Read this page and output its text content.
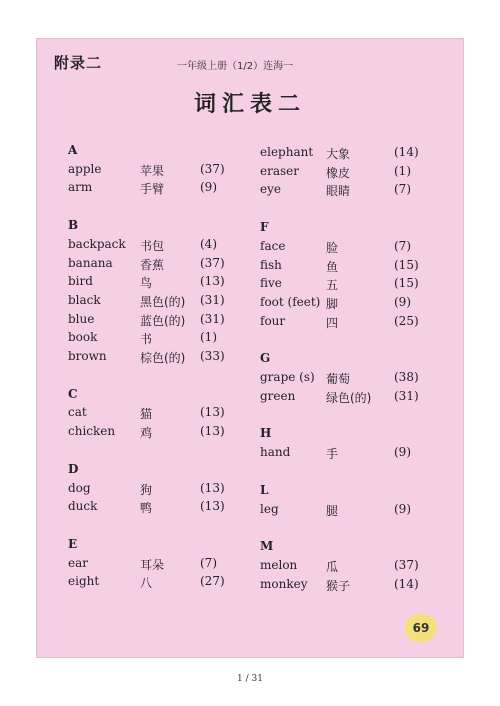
附录二	一年级上册（1/2）连海一
词汇表二
A
apple	苹果	(37)
arm	手臂	(9)
B
backpack 书包	(4)
banana 香蕉	(37)
bird	鸟	(13)
black	黑色(的) (31)
blue	蓝色(的) (31)
book	书	(1)
brown	棕色(的) (33)
C
cat	猫	(13)
chicken 鸡	(13)
D
dog	狗	(13)
duck	鸭	(13)
E
ear	耳朵	(7)
eight	八	(27)
elephant 大象	(14)
eraser 橡皮	(1)
eye	眼睛	(7)
F
face	脸	(7)
fish	鱼	(15)
five	五	(15)
foot (feet) 脚	(9)
four	四	(25)
G
grape (s) 葡萄	(38)
green	绿色(的) (31)
H
hand	手	(9)
L
leg	腿	(9)
M
melon 瓜	(37)
monkey 猴子	(14)
69
1 / 31
